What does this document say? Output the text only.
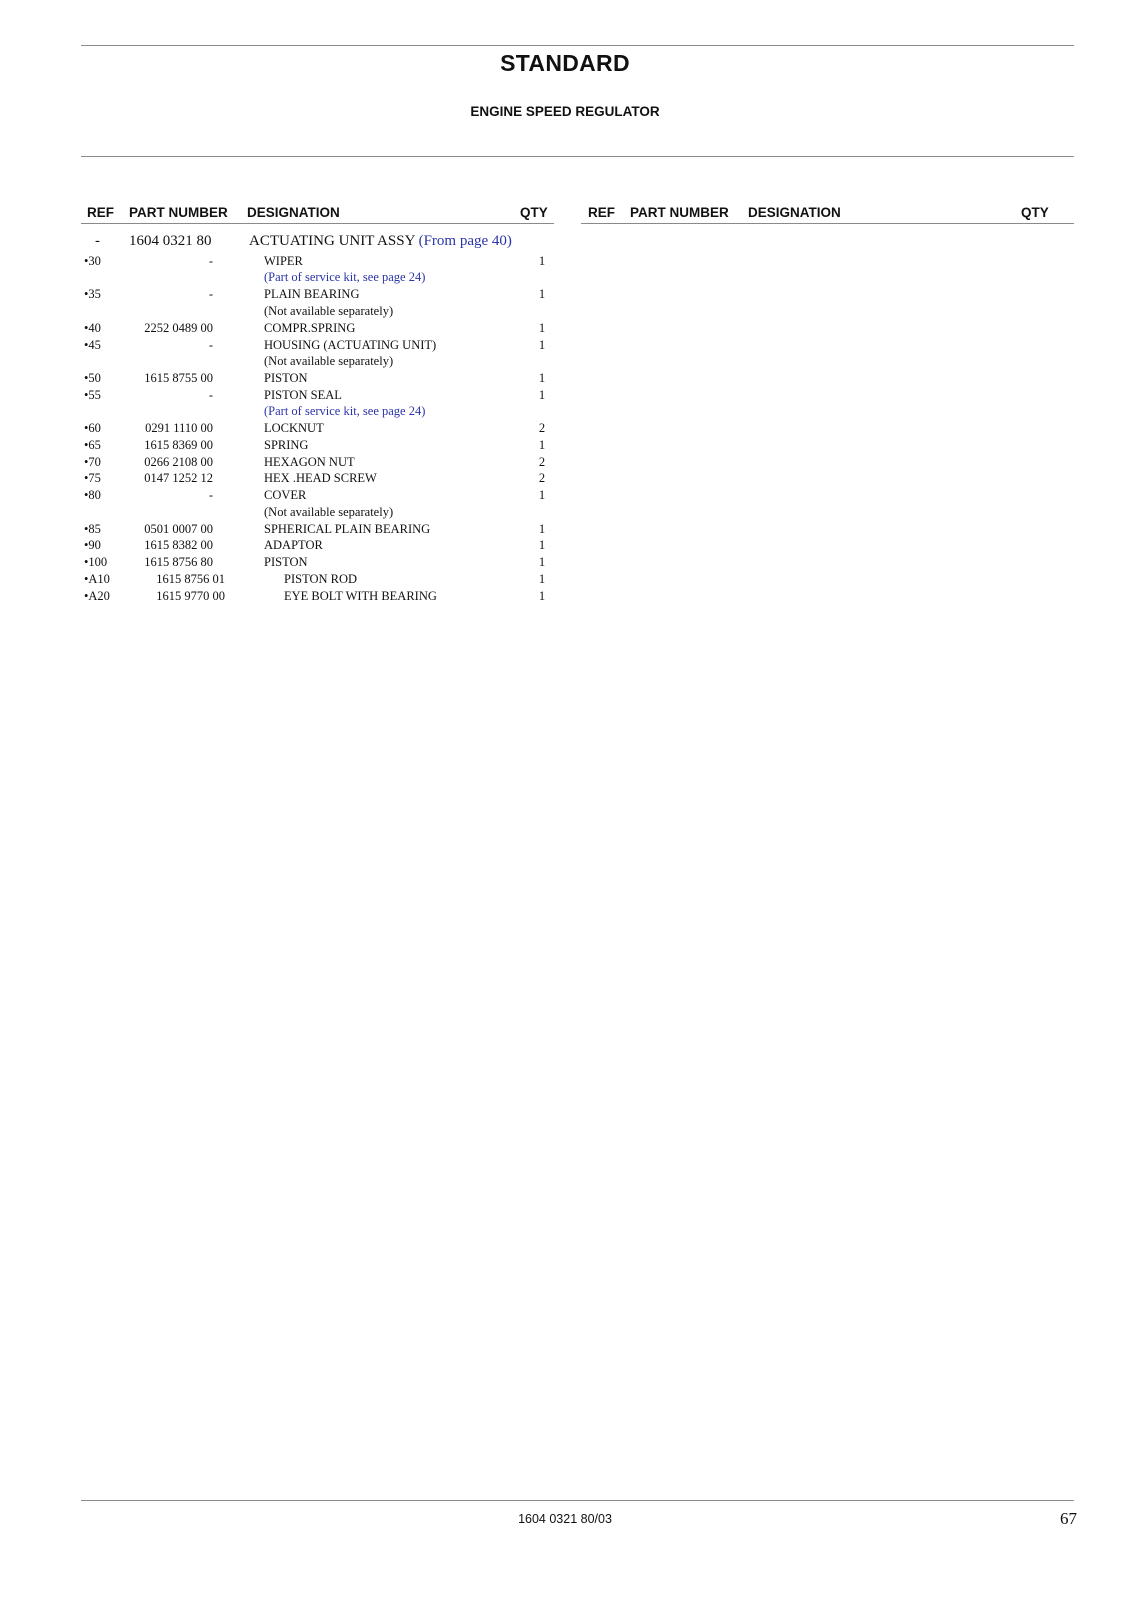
STANDARD
ENGINE SPEED REGULATOR
REF PART NUMBER DESIGNATION	QTY	REF PART NUMBER DESIGNATION	QTY
- 1604 0321 80	ACTUATING UNIT ASSY (From page 40)
•30	-	WIPER	1
(Part of service kit, see page 24)
•35	-	PLAIN BEARING	1
(Not available separately)
•40	2252 0489 00	COMPR.SPRING	1
•45	-	HOUSING (ACTUATING UNIT)	1
(Not available separately)
•50	1615 8755 00	PISTON	1
•55	-	PISTON SEAL	1
(Part of service kit, see page 24)
•60	0291 1110 00	LOCKNUT	2
•65	1615 8369 00	SPRING	1
•70	0266 2108 00	HEXAGON NUT	2
•75	0147 1252 12	HEX .HEAD SCREW	2
•80	-	COVER	1
(Not available separately)
•85	0501 0007 00	SPHERICAL PLAIN BEARING	1
•90	1615 8382 00	ADAPTOR	1
•100	1615 8756 80	PISTON	1
•A10	1615 8756 01	PISTON ROD	1
•A20	1615 9770 00	EYE BOLT WITH BEARING	1
1604 0321 80/03	67
